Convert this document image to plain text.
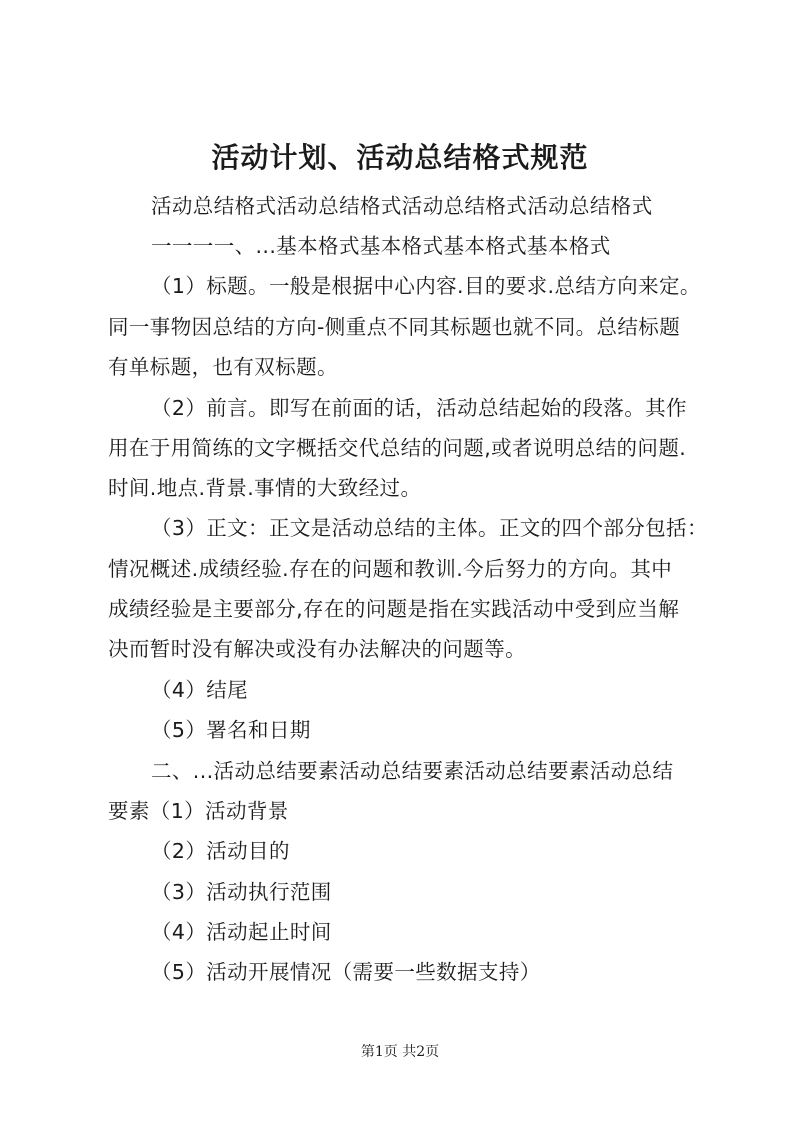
活动计划、活动总结格式规范
活动总结格式活动总结格式活动总结格式活动总结格式
一一一一、...基本格式基本格式基本格式基本格式
（1）标题。一般是根据中心内容.目的要求.总结方向来定。
同一事物因总结的方向-侧重点不同其标题也就不同。总结标题
有单标题，也有双标题。
（2）前言。即写在前面的话，活动总结起始的段落。其作
用在于用简练的文字概括交代总结的问题,或者说明总结的问题.
时间.地点.背景.事情的大致经过。
（3）正文：正文是活动总结的主体。正文的四个部分包括：
情况概述.成绩经验.存在的问题和教训.今后努力的方向。其中
成绩经验是主要部分,存在的问题是指在实践活动中受到应当解
决而暂时没有解决或没有办法解决的问题等。
（4）结尾
（5）署名和日期
二、...活动总结要素活动总结要素活动总结要素活动总结
要素（1）活动背景
（2）活动目的
（3）活动执行范围
（4）活动起止时间
（5）活动开展情况（需要一些数据支持）
第1页 共2页
